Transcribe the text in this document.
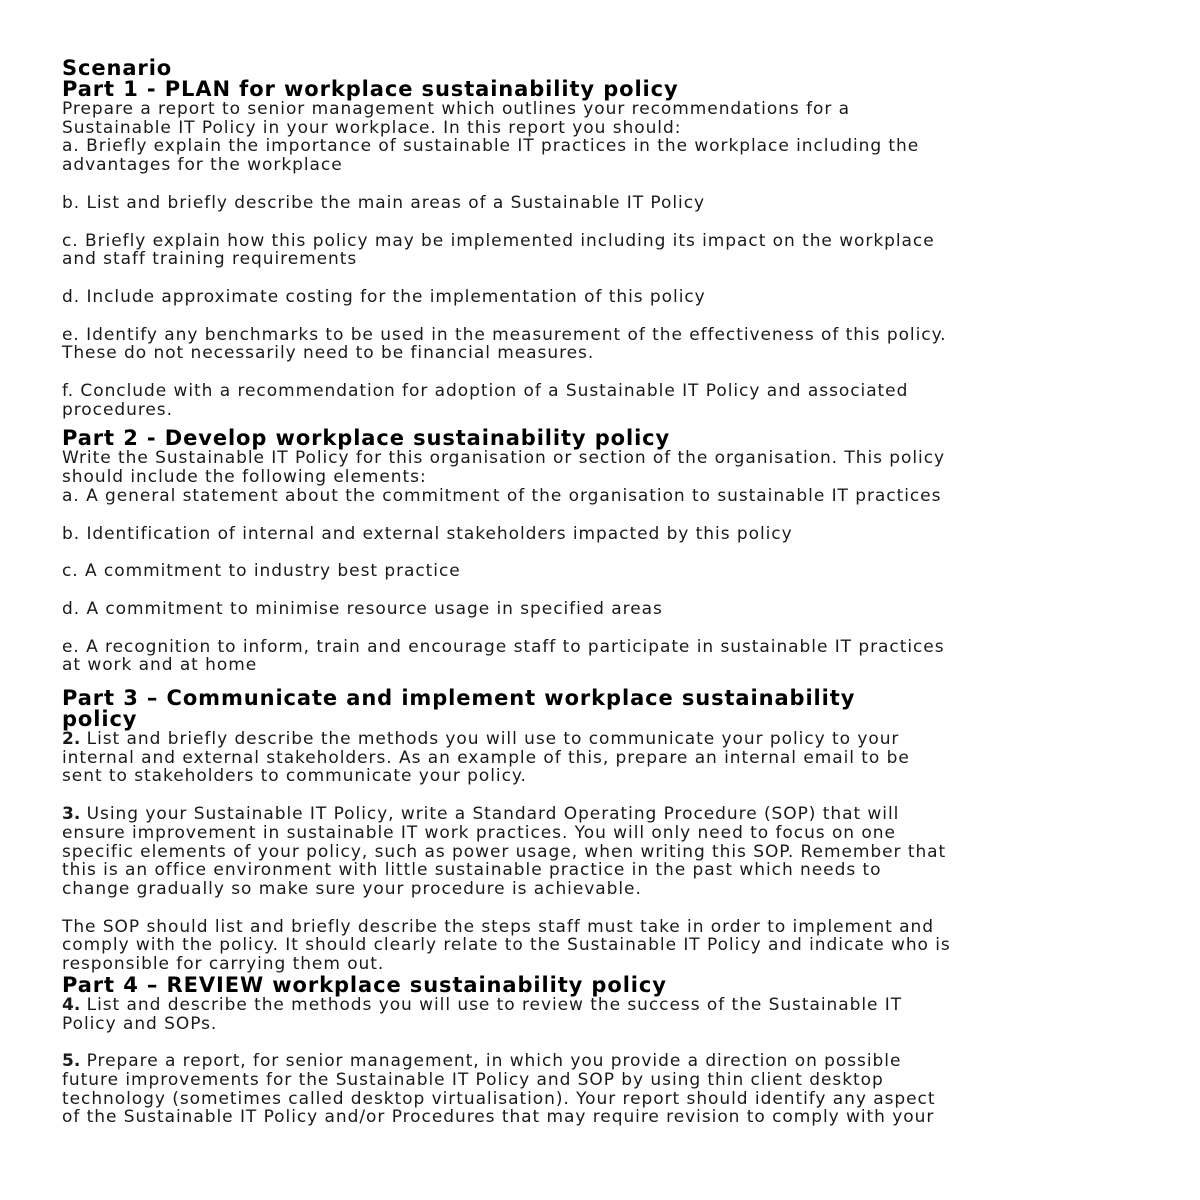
Scenario
Part 1 - PLAN for workplace sustainability policy
Prepare a report to senior management which outlines your recommendations for a
Sustainable IT Policy in your workplace. In this report you should:
a. Briefly explain the importance of sustainable IT practices in the workplace including the
advantages for the workplace
b. List and briefly describe the main areas of a Sustainable IT Policy
c. Briefly explain how this policy may be implemented including its impact on the workplace
and staff training requirements
d. Include approximate costing for the implementation of this policy
e. Identify any benchmarks to be used in the measurement of the effectiveness of this policy.
These do not necessarily need to be financial measures.
f. Conclude with a recommendation for adoption of a Sustainable IT Policy and associated
procedures.
Part 2 - Develop workplace sustainability policy
Write the Sustainable IT Policy for this organisation or section of the organisation. This policy
should include the following elements:
a. A general statement about the commitment of the organisation to sustainable IT practices
b. Identification of internal and external stakeholders impacted by this policy
c. A commitment to industry best practice
d. A commitment to minimise resource usage in specified areas
e. A recognition to inform, train and encourage staff to participate in sustainable IT practices
at work and at home
Part 3 – Communicate and implement workplace sustainability
policy
2. List and briefly describe the methods you will use to communicate your policy to your
internal and external stakeholders. As an example of this, prepare an internal email to be
sent to stakeholders to communicate your policy.
3. Using your Sustainable IT Policy, write a Standard Operating Procedure (SOP) that will
ensure improvement in sustainable IT work practices. You will only need to focus on one
specific elements of your policy, such as power usage, when writing this SOP. Remember that
this is an office environment with little sustainable practice in the past which needs to
change gradually so make sure your procedure is achievable.
The SOP should list and briefly describe the steps staff must take in order to implement and
comply with the policy. It should clearly relate to the Sustainable IT Policy and indicate who is
responsible for carrying them out.
Part 4 – REVIEW workplace sustainability policy
4. List and describe the methods you will use to review the success of the Sustainable IT
Policy and SOPs.
5. Prepare a report, for senior management, in which you provide a direction on possible
future improvements for the Sustainable IT Policy and SOP by using thin client desktop
technology (sometimes called desktop virtualisation). Your report should identify any aspect
of the Sustainable IT Policy and/or Procedures that may require revision to comply with your
